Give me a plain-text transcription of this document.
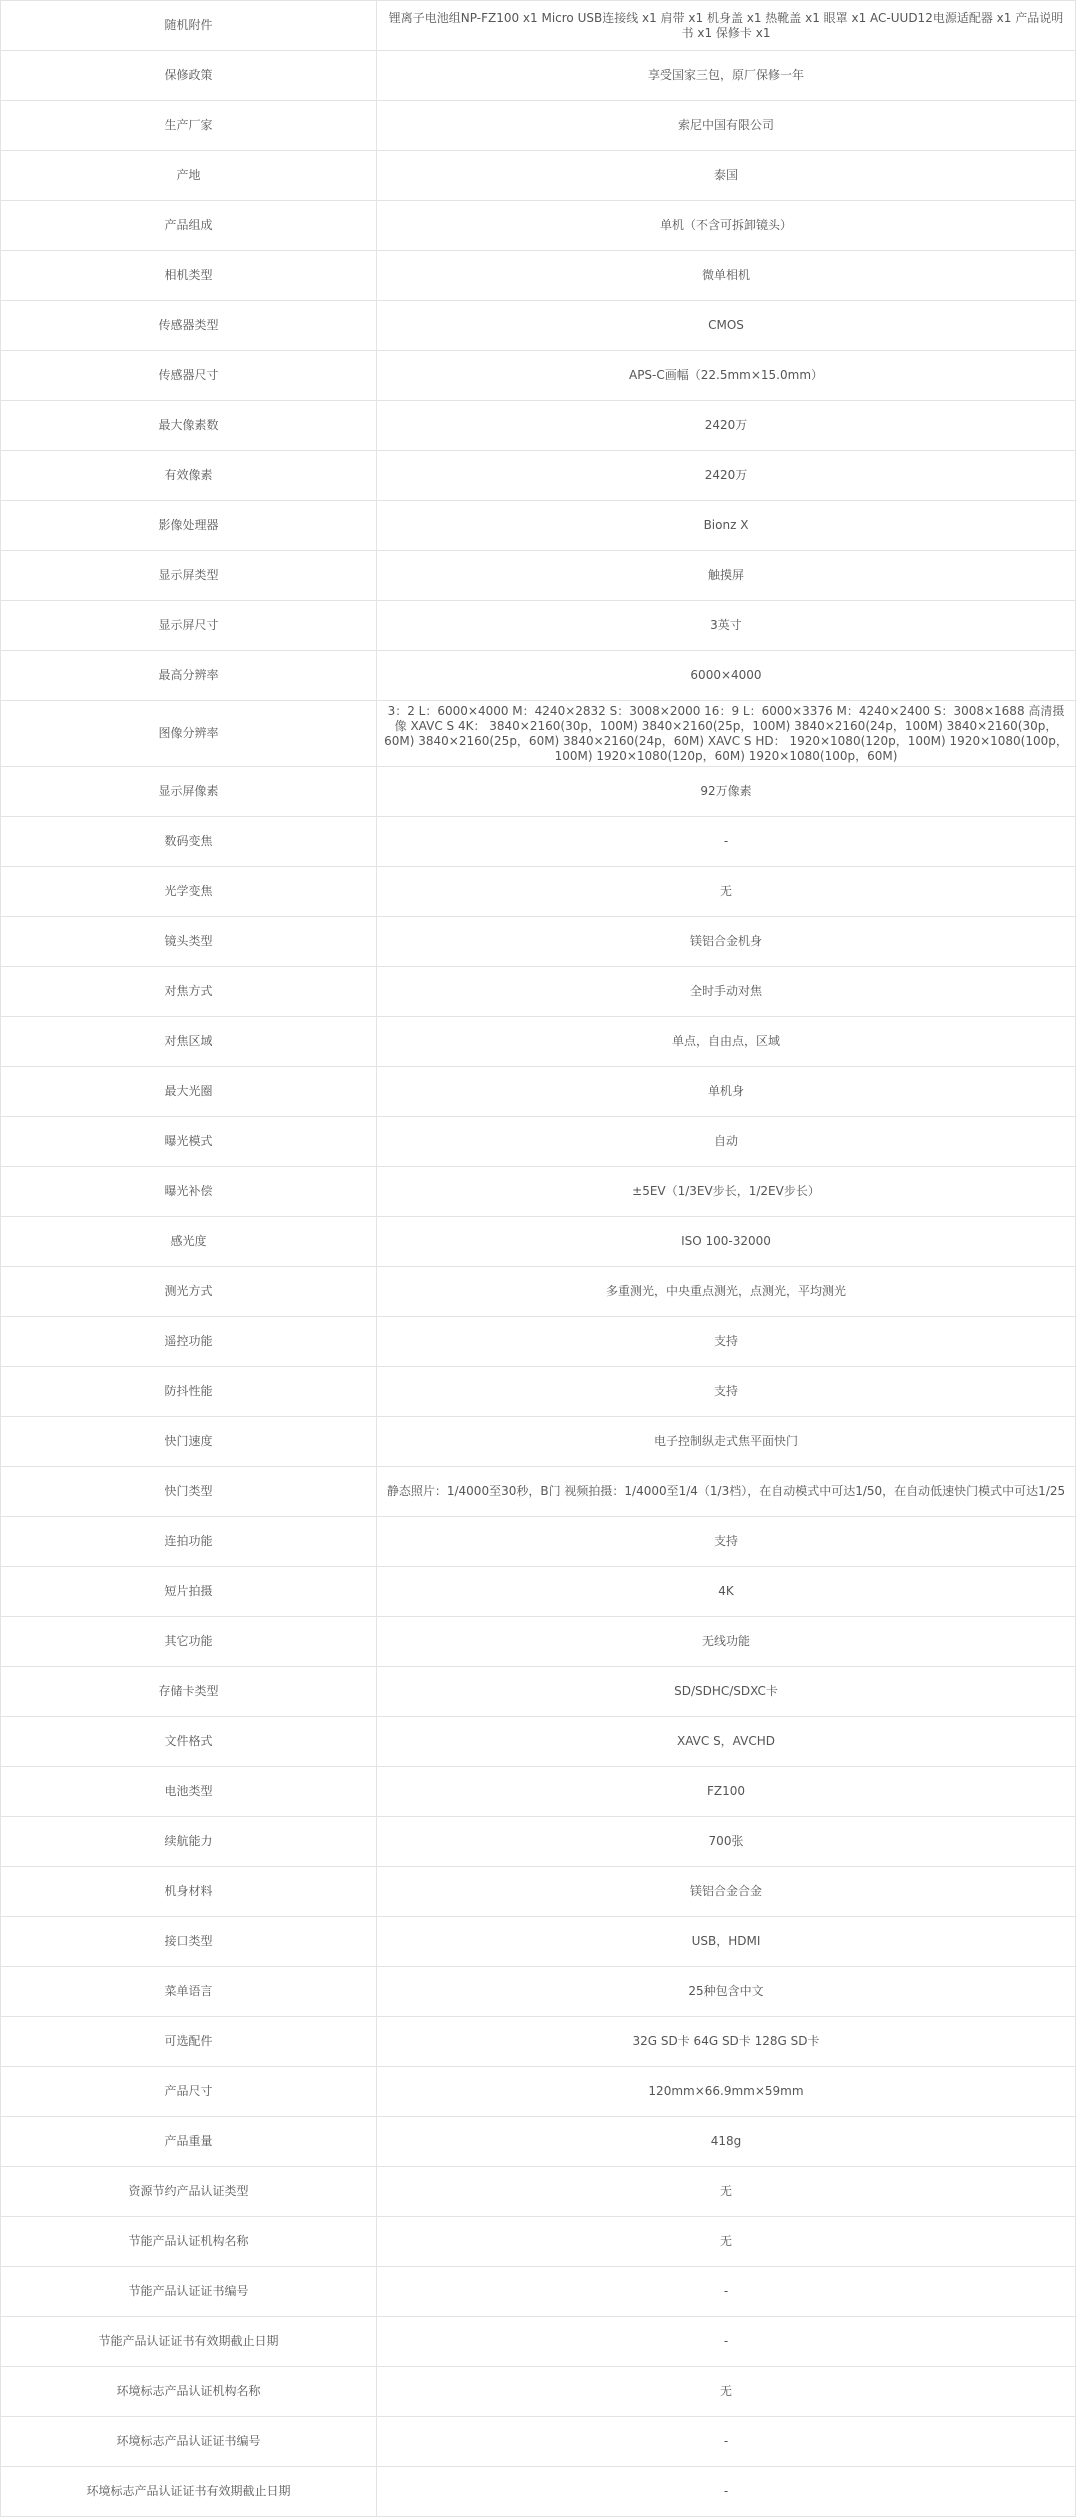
随机附件	锂离子电池组NP-FZ100 x1 Micro USB连接线 x1 肩带 x1 机身盖 x1 热靴盖 x1 眼罩 x1 AC-UUD12电源适配器 x1 产品说明书 x1 保修卡 x1
保修政策	享受国家三包，原厂保修一年
生产厂家	索尼中国有限公司
产地	泰国
产品组成	单机（不含可拆卸镜头）
相机类型	微单相机
传感器类型	CMOS
传感器尺寸	APS-C画幅（22.5mm×15.0mm）
最大像素数	2420万
有效像素	2420万
影像处理器	Bionz X
显示屏类型	触摸屏
显示屏尺寸	3英寸
最高分辨率	6000×4000
图像分辨率	3：2 L：6000×4000 M：4240×2832 S：3008×2000 16：9 L：6000×3376 M：4240×2400 S：3008×1688 高清摄像 XAVC S 4K： 3840×2160(30p，100M) 3840×2160(25p，100M) 3840×2160(24p，100M) 3840×2160(30p，60M) 3840×2160(25p，60M) 3840×2160(24p，60M) XAVC S HD： 1920×1080(120p，100M) 1920×1080(100p，100M) 1920×1080(120p，60M) 1920×1080(100p，60M)
显示屏像素	92万像素
数码变焦	-
光学变焦	无
镜头类型	镁铝合金机身
对焦方式	全时手动对焦
对焦区域	单点，自由点，区域
最大光圈	单机身
曝光模式	自动
曝光补偿	±5EV（1/3EV步长，1/2EV步长）
感光度	ISO 100-32000
测光方式	多重测光，中央重点测光，点测光，平均测光
遥控功能	支持
防抖性能	支持
快门速度	电子控制纵走式焦平面快门
快门类型	静态照片：1/4000至30秒，B门 视频拍摄：1/4000至1/4（1/3档），在自动模式中可达1/50，在自动低速快门模式中可达1/25
连拍功能	支持
短片拍摄	4K
其它功能	无线功能
存储卡类型	SD/SDHC/SDXC卡
文件格式	XAVC S，AVCHD
电池类型	FZ100
续航能力	700张
机身材料	镁铝合金合金
接口类型	USB，HDMI
菜单语言	25种包含中文
可选配件	32G SD卡 64G SD卡 128G SD卡
产品尺寸	120mm×66.9mm×59mm
产品重量	418g
资源节约产品认证类型	无
节能产品认证机构名称	无
节能产品认证证书编号	-
节能产品认证证书有效期截止日期	-
环境标志产品认证机构名称	无
环境标志产品认证证书编号	-
环境标志产品认证证书有效期截止日期	-
